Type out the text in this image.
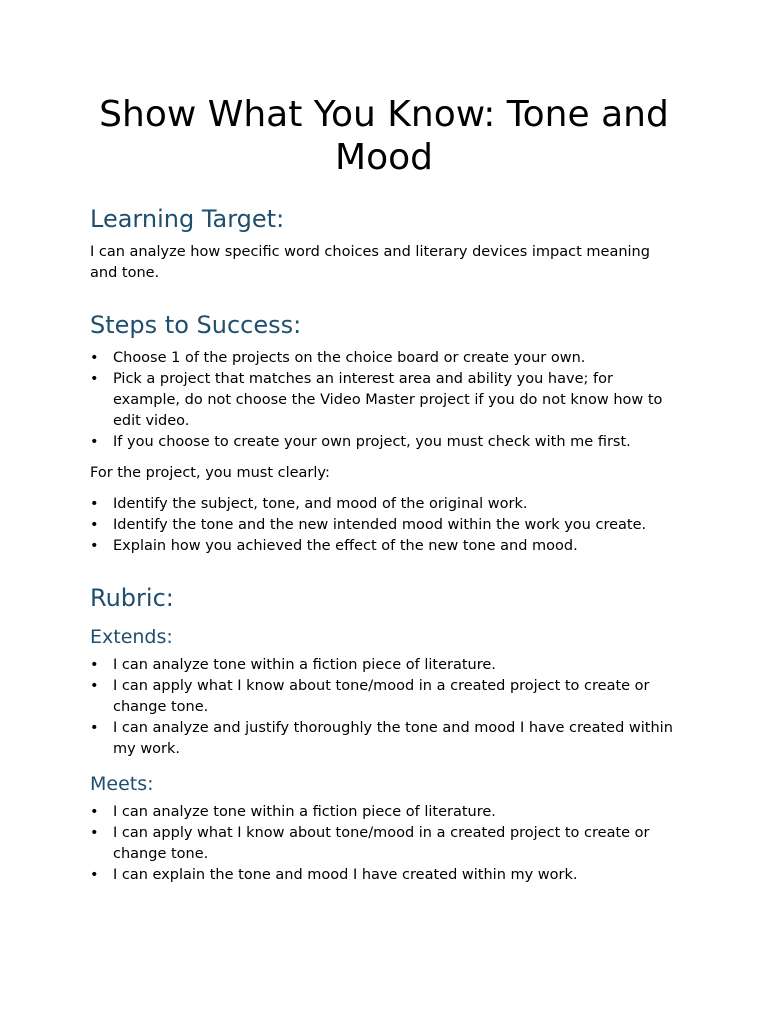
Show What You Know: Tone and Mood
Learning Target:

I can analyze how specific word choices and literary devices impact meaning and tone.

Steps to Success:
• Choose 1 of the projects on the choice board or create your own.
• Pick a project that matches an interest area and ability you have; for example, do not choose the Video Master project if you do not know how to edit video.
• If you choose to create your own project, you must check with me first.

For the project, you must clearly:

• Identify the subject, tone, and mood of the original work.
• Identify the tone and the new intended mood within the work you create.
• Explain how you achieved the effect of the new tone and mood.
Rubric:
Extends:
• I can analyze tone within a fiction piece of literature.
• I can apply what I know about tone/mood in a created project to create or change tone.
• I can analyze and justify thoroughly the tone and mood I have created within my work.
Meets:
• I can analyze tone within a fiction piece of literature.
• I can apply what I know about tone/mood in a created project to create or change tone.
• I can explain the tone and mood I have created within my work.
